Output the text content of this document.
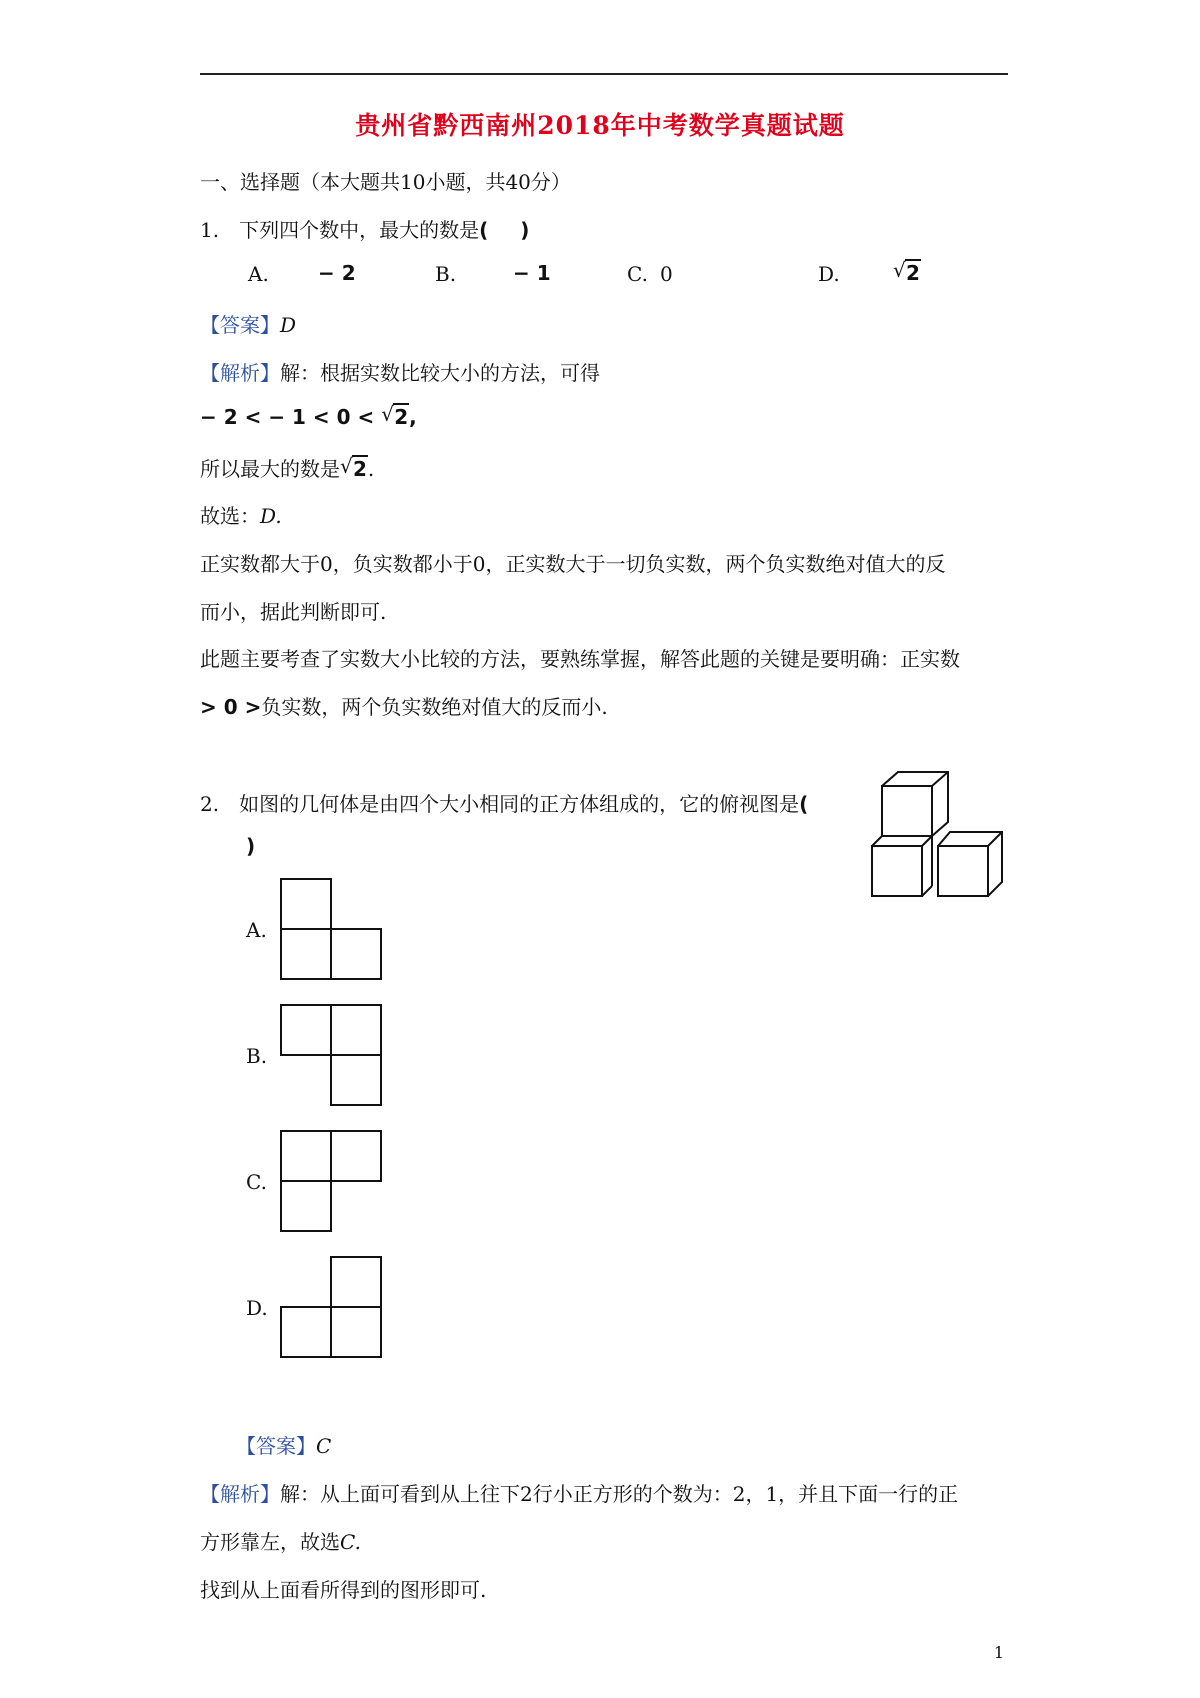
贵州省黔西南州2018年中考数学真题试题
一、选择题（本大题共10小题，共40分）
1.　下列四个数中，最大的数是( )
A. − 2	B.	− 1	C. 0	D.	√ 2
【答案】D
【解析】解：根据实数比较大小的方法，可得
− 2 < − 1 < 0 < √ 2,
所以最大的数是 √ 2.
故选：D.
正实数都大于0，负实数都小于0，正实数大于一切负实数，两个负实数绝对值大的反
而小，据此判断即可.
此题主要考查了实数大小比较的方法，要熟练掌握，解答此题的关键是要明确：正实数
> 0 >负实数，两个负实数绝对值大的反而小.
2.　如图的几何体是由四个大小相同的正方体组成的，它的俯视图是(
)
A.
B.
C.
D.
【答案】C
【解析】解：从上面可看到从上往下2行小正方形的个数为：2，1，并且下面一行的正
方形靠左，故选C.
找到从上面看所得到的图形即可.
1
